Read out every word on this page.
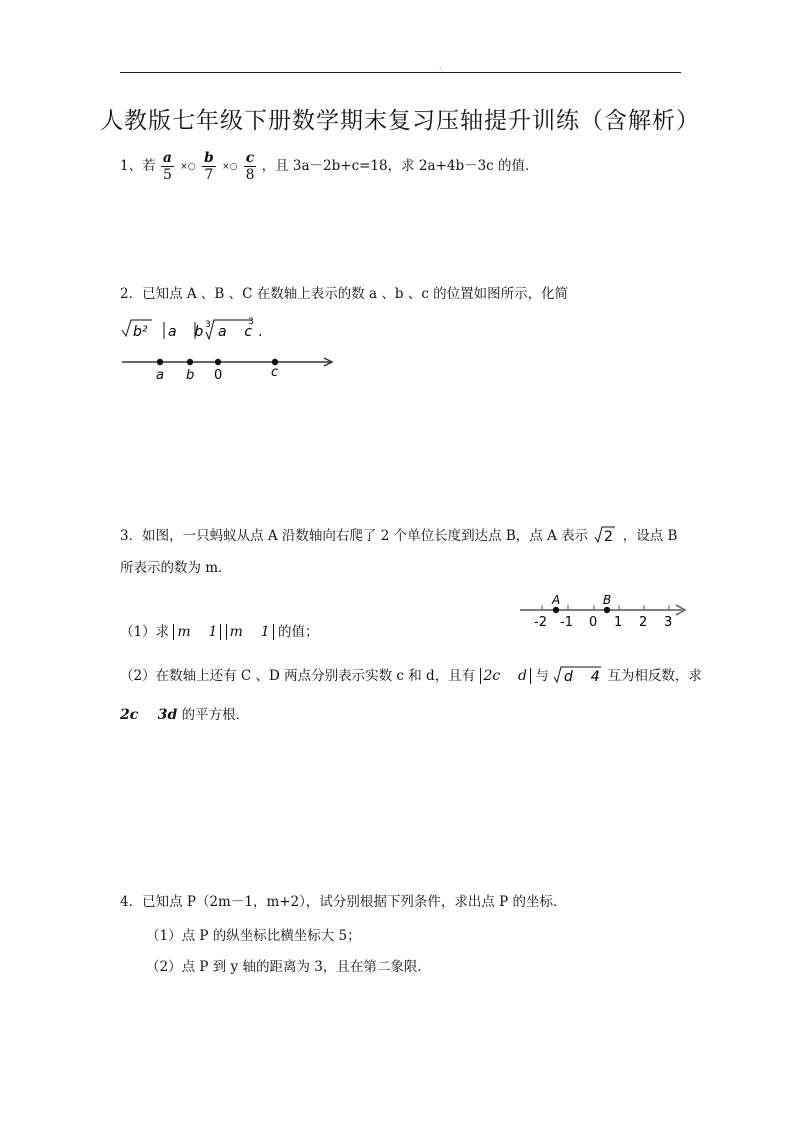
.
人教版七年级下册数学期末复习压轴提升训练（含解析）
1、若 $\frac{a}{5}$ ×○ $\frac{b}{7}$ ×○ $\frac{c}{8}$ ，且 3a－2b+c=18，求 2a+4b－3c 的值．
2．已知点 A 、B 、C 在数轴上表示的数 a 、b 、c 的位置如图所示，化简
b² a    b 3 a    c
3
.
a b 0	c
3．如图，一只蚂蚁从点 A 沿数轴向右爬了 2 个单位长度到达点 B，点 A 表示 2 ，设点 B
所表示的数为 m．
A	B
-2 -1 0 1 2 3
（1）求 m    1 m    1 的值；
（2）在数轴上还有 C 、D 两点分别表示实数 c 和 d，且有 2c    d 与 d    4 互为相反数，求
2c    3d 的平方根．
4．已知点 P（2m－1，m+2），试分别根据下列条件，求出点 P 的坐标．
（1）点 P 的纵坐标比横坐标大 5；
（2）点 P 到 y 轴的距离为 3，且在第二象限．
